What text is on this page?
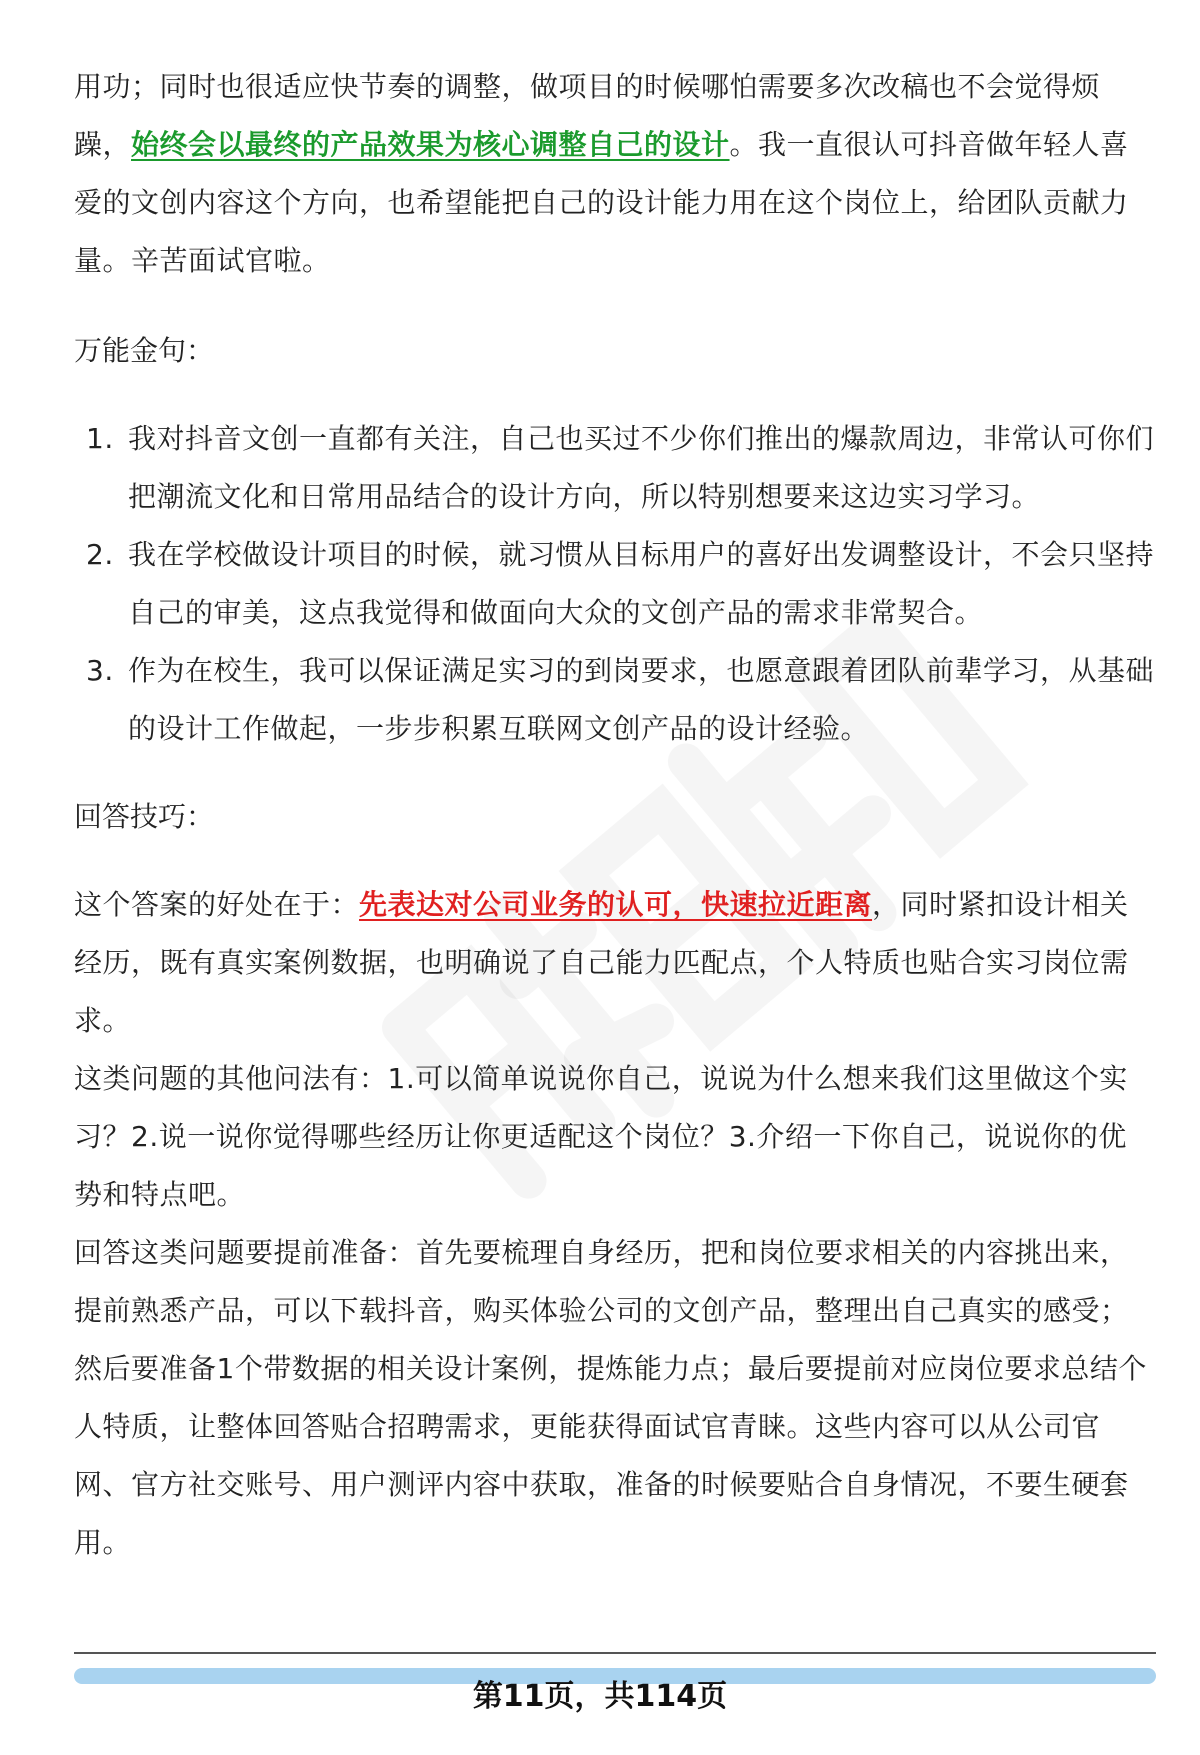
用功；同时也很适应快节奏的调整，做项目的时候哪怕需要多次改稿也不会觉得烦躁，始终会以最终的产品效果为核心调整自己的设计。我一直很认可抖音做年轻人喜爱的文创内容这个方向，也希望能把自己的设计能力用在这个岗位上，给团队贡献力量。辛苦面试官啦。

万能金句：

1. 我对抖音文创一直都有关注，自己也买过不少你们推出的爆款周边，非常认可你们把潮流文化和日常用品结合的设计方向，所以特别想要来这边实习学习。
2. 我在学校做设计项目的时候，就习惯从目标用户的喜好出发调整设计，不会只坚持自己的审美，这点我觉得和做面向大众的文创产品的需求非常契合。
3. 作为在校生，我可以保证满足实习的到岗要求，也愿意跟着团队前辈学习，从基础的设计工作做起，一步步积累互联网文创产品的设计经验。

回答技巧：

这个答案的好处在于：先表达对公司业务的认可，快速拉近距离，同时紧扣设计相关经历，既有真实案例数据，也明确说了自己能力匹配点，个人特质也贴合实习岗位需求。

这类问题的其他问法有：1.可以简单说说你自己，说说为什么想来我们这里做这个实习？2.说一说你觉得哪些经历让你更适配这个岗位？3.介绍一下你自己，说说你的优势和特点吧。

回答这类问题要提前准备：首先要梳理自身经历，把和岗位要求相关的内容挑出来，提前熟悉产品，可以下载抖音，购买体验公司的文创产品，整理出自己真实的感受；然后要准备1个带数据的相关设计案例，提炼能力点；最后要提前对应岗位要求总结个人特质，让整体回答贴合招聘需求，更能获得面试官青睐。这些内容可以从公司官网、官方社交账号、用户测评内容中获取，准备的时候要贴合自身情况，不要生硬套用。

第11页，共114页
